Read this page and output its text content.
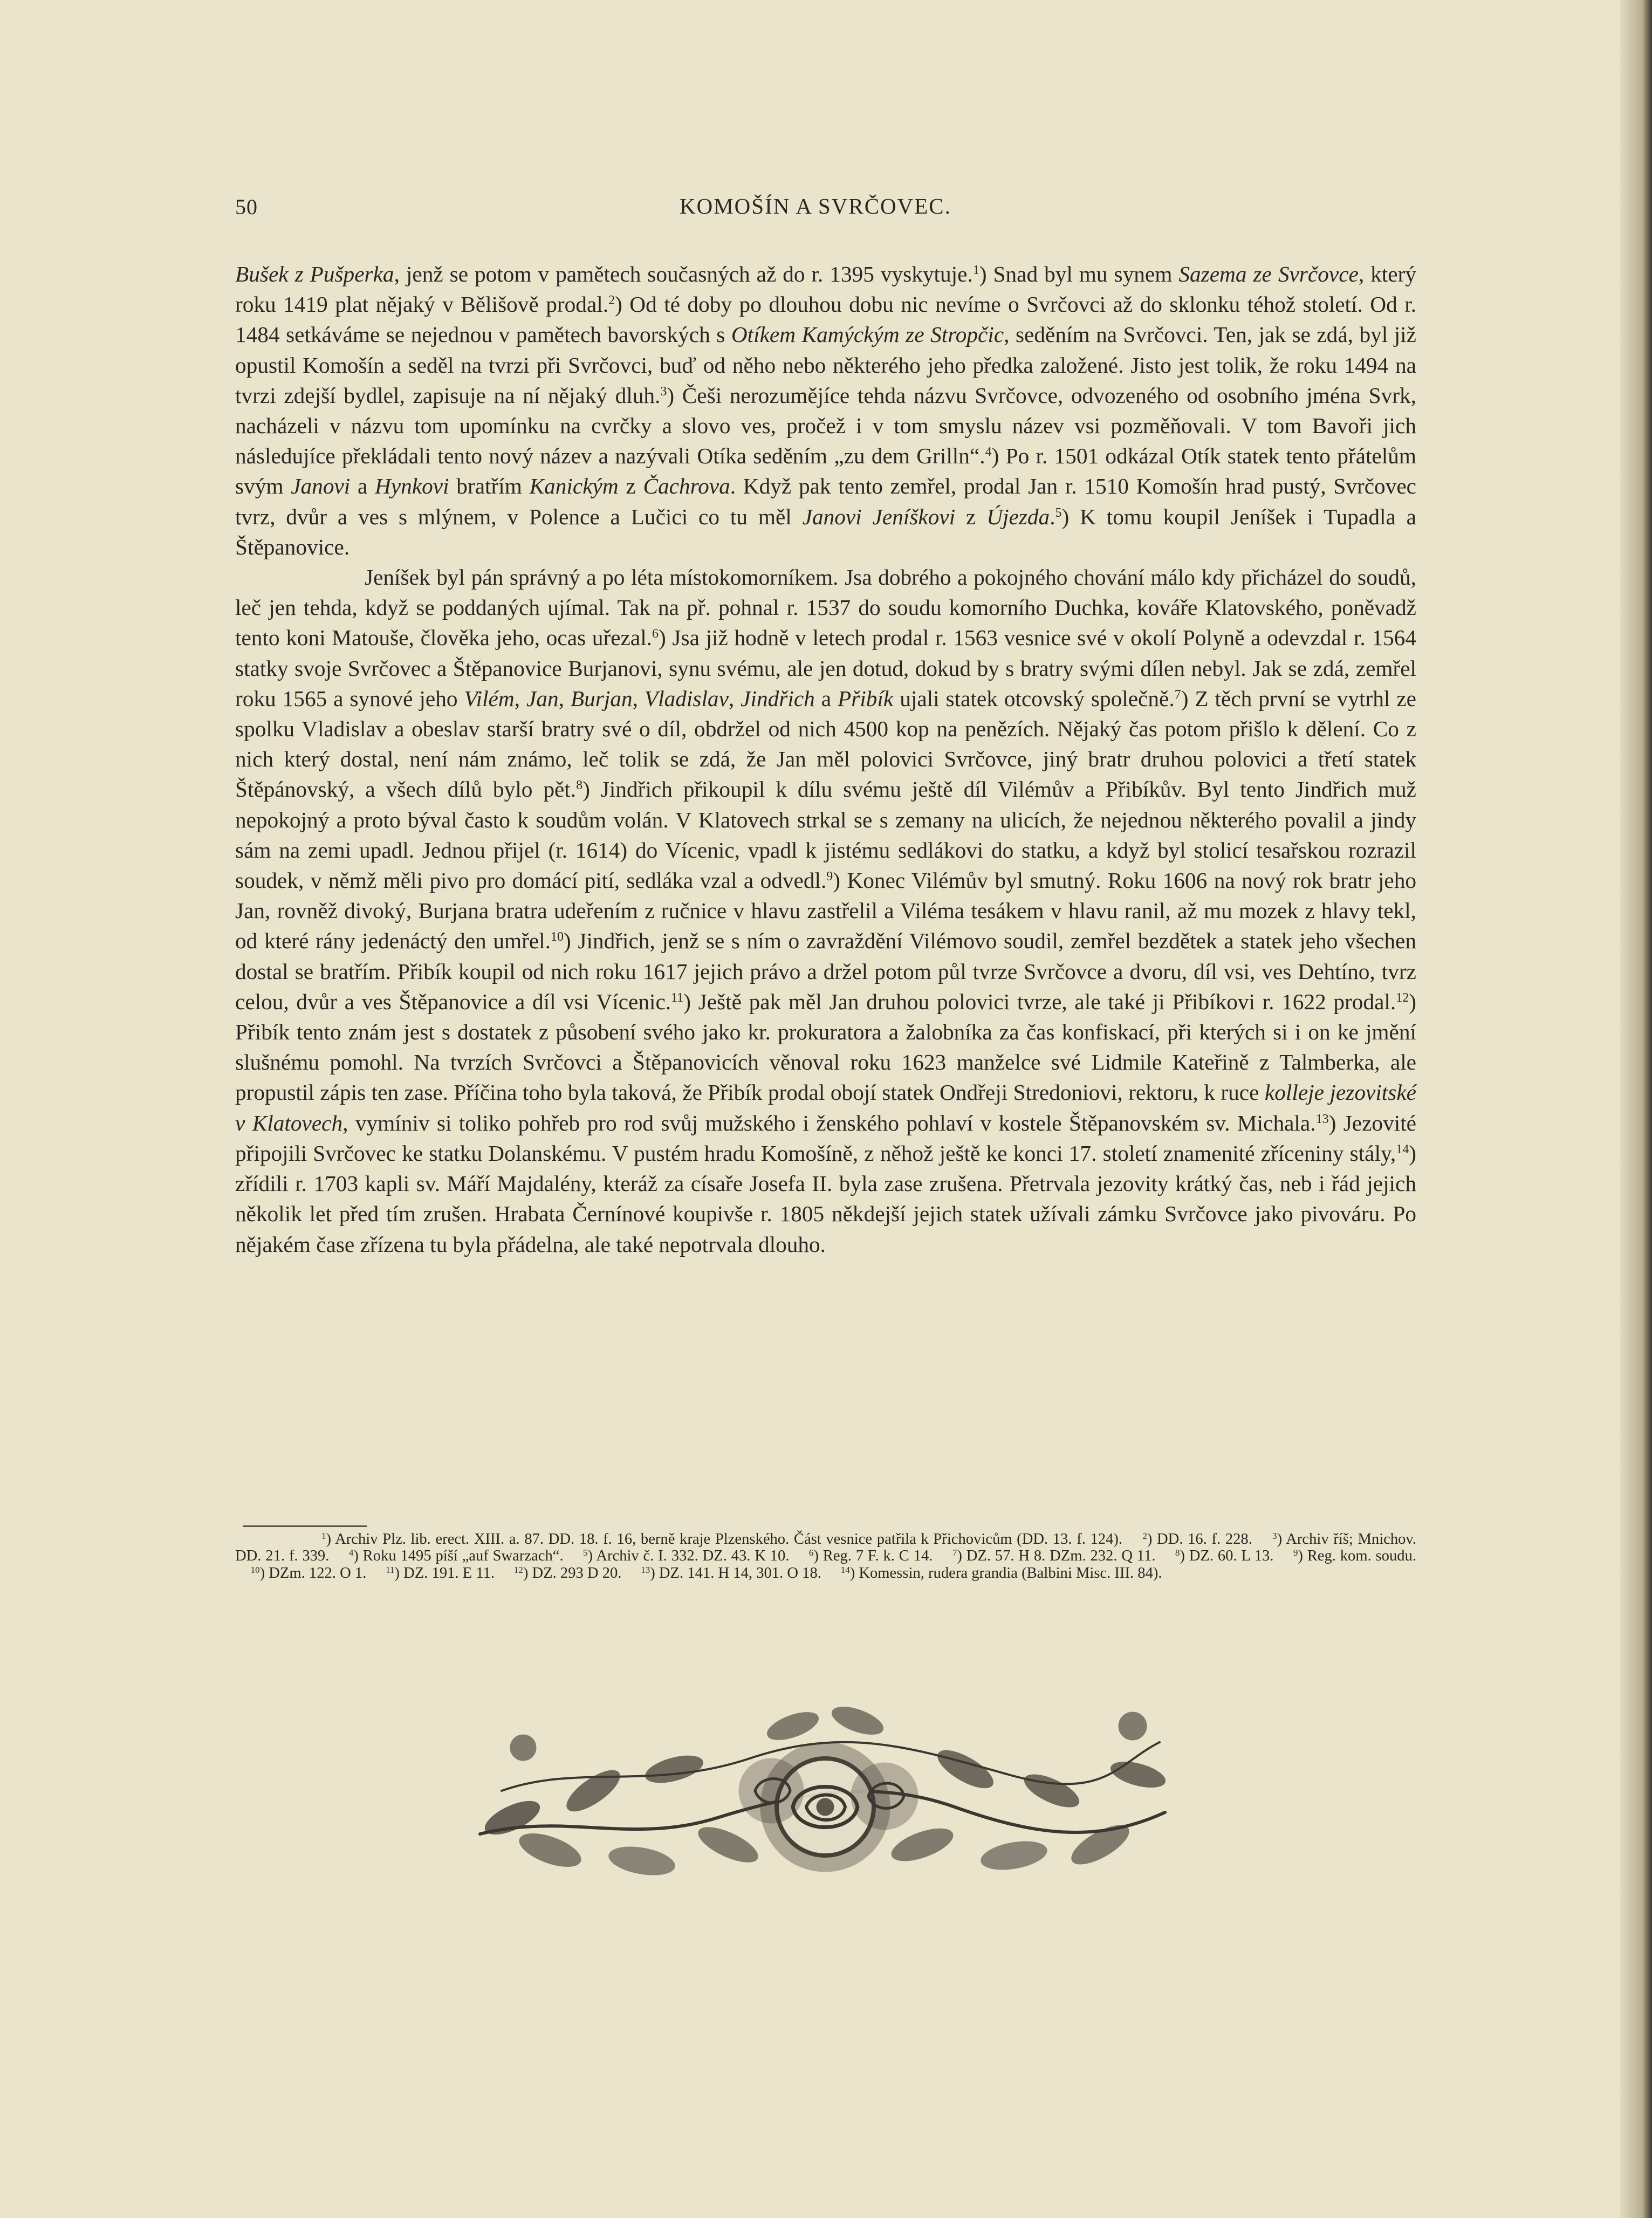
50	KOMOŠÍN A SVRČOVEC.

Bušek z Pušperka, jenž se potom v pamětech současných až do r. 1395 vyskytuje.$^1$) Snad byl mu synem Sazema ze Svrčovce, který roku 1419 plat nějaký v Bělišově prodal.$^2$) Od té doby po dlouhou dobu nic nevíme o Svrčovci až do sklonku téhož století. Od r. 1484 setkáváme se nejednou v pamětech bavorských s Otíkem Kamýckým ze Stropčic, seděním na Svrčovci. Ten, jak se zdá, byl již opustil Komošín a seděl na tvrzi při Svrčovci, buď od něho nebo některého jeho předka založené. Jisto jest tolik, že roku 1494 na tvrzi zdejší bydlel, zapisuje na ní nějaký dluh.$^3$) Češi nerozumějíce tehda názvu Svrčovce, odvozeného od osobního jména Svrk, nacházeli v názvu tom upomínku na cvrčky a slovo ves, pročež i v tom smyslu název vsi pozměňovali. V tom Bavoři jich následujíce překládali tento nový název a nazývali Otíka seděním „zu dem Grilln“.$^4$) Po r. 1501 odkázal Otík statek tento přátelům svým Janovi a Hynkovi bratřím Kanickým z Čachrova. Když pak tento zemřel, prodal Jan r. 1510 Komošín hrad pustý, Svrčovec tvrz, dvůr a ves s mlýnem, v Polence a Lučici co tu měl Janovi Jeníškovi z Újezda.$^5$) K tomu koupil Jeníšek i Tupadla a Štěpanovice.

Jeníšek byl pán správný a po léta místokomorníkem. Jsa dobrého a pokojného chování málo kdy přicházel do soudů, leč jen tehda, když se poddaných ujímal. Tak na př. pohnal r. 1537 do soudu komorního Duchka, kováře Klatovského, poněvadž tento koni Matouše, člověka jeho, ocas uřezal.$^6$) Jsa již hodně v letech prodal r. 1563 vesnice své v okolí Polyně a odevzdal r. 1564 statky svoje Svrčovec a Štěpanovice Burjanovi, synu svému, ale jen dotud, dokud by s bratry svými dílen nebyl. Jak se zdá, zemřel roku 1565 a synové jeho Vilém, Jan, Burjan, Vladislav, Jindřich a Přibík ujali statek otcovský společně.$^7$) Z těch první se vytrhl ze spolku Vladislav a obeslav starší bratry své o díl, obdržel od nich 4500 kop na penězích. Nějaký čas potom přišlo k dělení. Co z nich který dostal, není nám známo, leč tolik se zdá, že Jan měl polovici Svrčovce, jiný bratr druhou polovici a třetí statek Štěpánovský, a všech dílů bylo pět.$^8$) Jindřich přikoupil k dílu svému ještě díl Vilémův a Přibíkův. Byl tento Jindřich muž nepokojný a proto býval často k soudům volán. V Klatovech strkal se s zemany na ulicích, že nejednou některého povalil a jindy sám na zemi upadl. Jednou přijel (r. 1614) do Vícenic, vpadl k jistému sedlákovi do statku, a když byl stolicí tesařskou rozrazil soudek, v němž měli pivo pro domácí pití, sedláka vzal a odvedl.$^9$) Konec Vilémův byl smutný. Roku 1606 na nový rok bratr jeho Jan, rovněž divoký, Burjana bratra udeřením z ručnice v hlavu zastřelil a Viléma tesákem v hlavu ranil, až mu mozek z hlavy tekl, od které rány jedenáctý den umřel.$^{10}$) Jindřich, jenž se s ním o zavraždění Vilémovo soudil, zemřel bezdětek a statek jeho všechen dostal se bratřím. Přibík koupil od nich roku 1617 jejich právo a držel potom půl tvrze Svrčovce a dvoru, díl vsi, ves Dehtíno, tvrz celou, dvůr a ves Štěpanovice a díl vsi Vícenic.$^{11}$) Ještě pak měl Jan druhou polovici tvrze, ale také ji Přibíkovi r. 1622 prodal.$^{12}$) Přibík tento znám jest s dostatek z působení svého jako kr. prokuratora a žalobníka za čas konfiskací, při kterých si i on ke jmění slušnému pomohl. Na tvrzích Svrčovci a Štěpanovicích věnoval roku 1623 manželce své Lidmile Kateřině z Talmberka, ale propustil zápis ten zase. Příčina toho byla taková, že Přibík prodal obojí statek Ondřeji Stredoniovi, rektoru, k ruce kolleje jezovitské v Klatovech, vymíniv si toliko pohřeb pro rod svůj mužského i ženského pohlaví v kostele Štěpanovském sv. Michala.$^{13}$) Jezovité připojili Svrčovec ke statku Dolanskému. V pustém hradu Komošíně, z něhož ještě ke konci 17. století znamenité zříceniny stály,$^{14}$) zřídili r. 1703 kapli sv. Máří Majdalény, kteráž za císaře Josefa II. byla zase zrušena. Přetrvala jezovity krátký čas, neb i řád jejich několik let před tím zrušen. Hrabata Černínové koupivše r. 1805 někdejší jejich statek užívali zámku Svrčovce jako pivováru. Po nějakém čase zřízena tu byla přádelna, ale také nepotrvala dlouho.

$^1$) Archiv Plz. lib. erect. XIII. a. 87. DD. 18. f. 16, berně kraje Plzenského. Část vesnice patřila k Přichovicům (DD. 13. f. 124).   $^2$) DD. 16. f. 228.   $^3$) Archiv říš; Mnichov. DD. 21. f. 339.   $^4$) Roku 1495 píší „auf Swarzach“.   $^5$) Archiv č. I. 332. DZ. 43. K 10.   $^6$) Reg. 7 F. k. C 14.   $^7$) DZ. 57. H 8. DZm. 232. Q 11.   $^8$) DZ. 60. L 13.   $^9$) Reg. kom. soudu.  $^{10}$) DZm. 122. O 1.   $^{11}$) DZ. 191. E 11.   $^{12}$) DZ. 293 D 20.   $^{13}$) DZ. 141. H 14, 301. O 18.   $^{14}$) Komessin, rudera grandia (Balbini Misc. III. 84).
